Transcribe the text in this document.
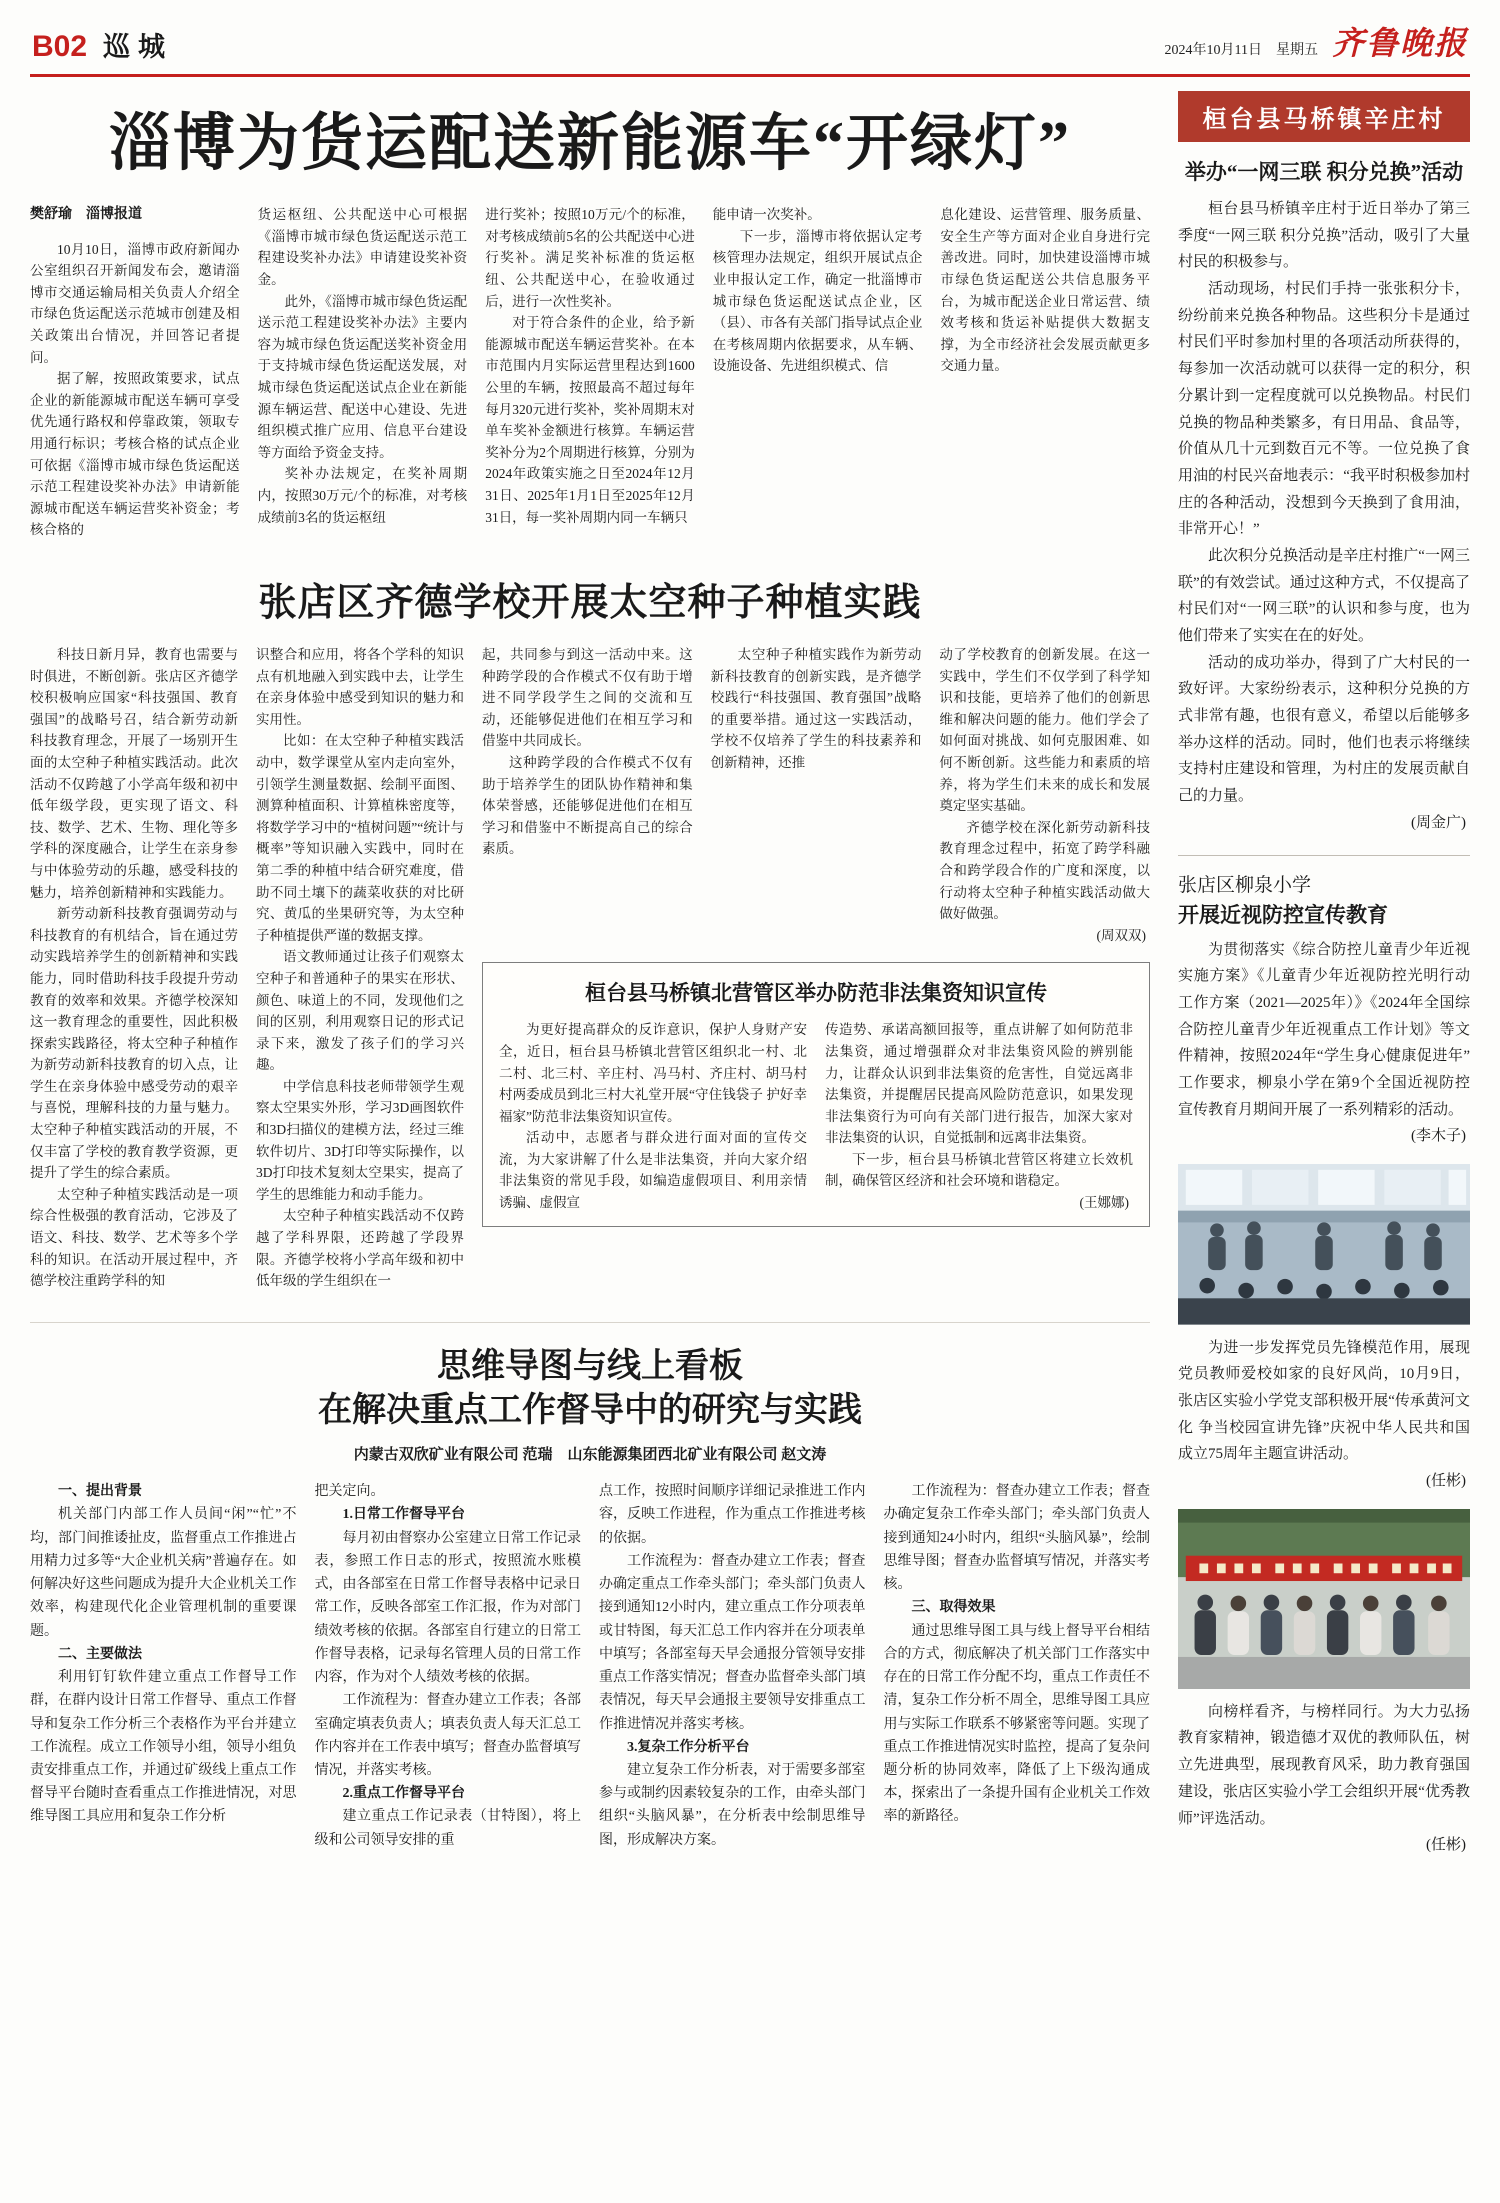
B02 巡城	2024年10月11日 星期五 齐鲁晚报
淄博为货运配送新能源车“开绿灯”

樊舒瑜　淄博报道

10月10日，淄博市政府新闻办公室组织召开新闻发布会，邀请淄博市交通运输局相关负责人介绍全市绿色货运配送示范城市创建及相关政策出台情况，并回答记者提问。

据了解，按照政策要求，试点企业的新能源城市配送车辆可享受优先通行路权和停靠政策，领取专用通行标识；考核合格的试点企业可依据《淄博市城市绿色货运配送示范工程建设奖补办法》申请新能源城市配送车辆运营奖补资金；考核合格的

货运枢纽、公共配送中心可根据《淄博市城市绿色货运配送示范工程建设奖补办法》申请建设奖补资金。

此外，《淄博市城市绿色货运配送示范工程建设奖补办法》主要内容为城市绿色货运配送奖补资金用于支持城市绿色货运配送发展，对城市绿色货运配送试点企业在新能源车辆运营、配送中心建设、先进组织模式推广应用、信息平台建设等方面给予资金支持。

奖补办法规定，在奖补周期内，按照30万元/个的标准，对考核成绩前3名的货运枢纽

进行奖补；按照10万元/个的标准，对考核成绩前5名的公共配送中心进行奖补。满足奖补标准的货运枢纽、公共配送中心，在验收通过后，进行一次性奖补。

对于符合条件的企业，给予新能源城市配送车辆运营奖补。在本市范围内月实际运营里程达到1600公里的车辆，按照最高不超过每年每月320元进行奖补，奖补周期末对单车奖补金额进行核算。车辆运营奖补分为2个周期进行核算，分别为2024年政策实施之日至2024年12月31日、2025年1月1日至2025年12月31日，每一奖补周期内同一车辆只

能申请一次奖补。

下一步，淄博市将依据认定考核管理办法规定，组织开展试点企业申报认定工作，确定一批淄博市城市绿色货运配送试点企业，区（县）、市各有关部门指导试点企业在考核周期内依据要求，从车辆、设施设备、先进组织模式、信

息化建设、运营管理、服务质量、安全生产等方面对企业自身进行完善改进。同时，加快建设淄博市城市绿色货运配送公共信息服务平台，为城市配送企业日常运营、绩效考核和货运补贴提供大数据支撑，为全市经济社会发展贡献更多交通力量。

张店区齐德学校开展太空种子种植实践

科技日新月异，教育也需要与时俱进，不断创新。张店区齐德学校积极响应国家“科技强国、教育强国”的战略号召，结合新劳动新科技教育理念，开展了一场别开生面的太空种子种植实践活动。此次活动不仅跨越了小学高年级和初中低年级学段，更实现了语文、科技、数学、艺术、生物、理化等多学科的深度融合，让学生在亲身参与中体验劳动的乐趣，感受科技的魅力，培养创新精神和实践能力。

新劳动新科技教育强调劳动与科技教育的有机结合，旨在通过劳动实践培养学生的创新精神和实践能力，同时借助科技手段提升劳动教育的效率和效果。齐德学校深知这一教育理念的重要性，因此积极探索实践路径，将太空种子种植作为新劳动新科技教育的切入点，让学生在亲身体验中感受劳动的艰辛与喜悦，理解科技的力量与魅力。太空种子种植实践活动的开展，不仅丰富了学校的教育教学资源，更提升了学生的综合素质。

太空种子种植实践活动是一项综合性极强的教育活动，它涉及了语文、科技、数学、艺术等多个学科的知识。在活动开展过程中，齐德学校注重跨学科的知

识整合和应用，将各个学科的知识点有机地融入到实践中去，让学生在亲身体验中感受到知识的魅力和实用性。

比如：在太空种子种植实践活动中，数学课堂从室内走向室外，引领学生测量数据、绘制平面图、测算种植面积、计算植株密度等，将数学学习中的“植树问题”“统计与概率”等知识融入实践中，同时在第二季的种植中结合研究难度，借助不同土壤下的蔬菜收获的对比研究、黄瓜的坐果研究等，为太空种子种植提供严谨的数据支撑。

语文教师通过让孩子们观察太空种子和普通种子的果实在形状、颜色、味道上的不同，发现他们之间的区别，利用观察日记的形式记录下来，激发了孩子们的学习兴趣。

中学信息科技老师带领学生观察太空果实外形，学习3D画图软件和3D扫描仪的建模方法，经过三维软件切片、3D打印等实际操作，以3D打印技术复刻太空果实，提高了学生的思维能力和动手能力。

太空种子种植实践活动不仅跨越了学科界限，还跨越了学段界限。齐德学校将小学高年级和初中低年级的学生组织在一

起，共同参与到这一活动中来。这种跨学段的合作模式不仅有助于增进不同学段学生之间的交流和互动，还能够促进他们在相互学习和借鉴中共同成长。

这种跨学段的合作模式不仅有助于培养学生的团队协作精神和集体荣誉感，还能够促进他们在相互学习和借鉴中不断提高自己的综合素质。

太空种子种植实践作为新劳动新科技教育的创新实践，是齐德学校践行“科技强国、教育强国”战略的重要举措。通过这一实践活动，学校不仅培养了学生的科技素养和创新精神，还推

动了学校教育的创新发展。在这一实践中，学生们不仅学到了科学知识和技能，更培养了他们的创新思维和解决问题的能力。他们学会了如何面对挑战、如何克服困难、如何不断创新。这些能力和素质的培养，将为学生们未来的成长和发展奠定坚实基础。

齐德学校在深化新劳动新科技教育理念过程中，拓宽了跨学科融合和跨学段合作的广度和深度，以行动将太空种子种植实践活动做大做好做强。

(周双双)

桓台县马桥镇北营管区举办防范非法集资知识宣传

为更好提高群众的反诈意识，保护人身财产安全，近日，桓台县马桥镇北营管区组织北一村、北二村、北三村、辛庄村、冯马村、齐庄村、胡马村村两委成员到北三村大礼堂开展“守住钱袋子 护好幸福家”防范非法集资知识宣传。

活动中，志愿者与群众进行面对面的宣传交流，为大家讲解了什么是非法集资，并向大家介绍非法集资的常见手段，如编造虚假项目、利用亲情诱骗、虚假宣

传造势、承诺高额回报等，重点讲解了如何防范非法集资，通过增强群众对非法集资风险的辨别能力，让群众认识到非法集资的危害性，自觉远离非法集资，并提醒居民提高风险防范意识，如果发现非法集资行为可向有关部门进行报告，加深大家对非法集资的认识，自觉抵制和远离非法集资。

下一步，桓台县马桥镇北营管区将建立长效机制，确保管区经济和社会环境和谐稳定。

(王娜娜)

思维导图与线上看板
在解决重点工作督导中的研究与实践

内蒙古双欣矿业有限公司 范瑞　山东能源集团西北矿业有限公司 赵文涛

一、提出背景

机关部门内部工作人员间“闲”“忙”不均，部门间推诿扯皮，监督重点工作推进占用精力过多等“大企业机关病”普遍存在。如何解决好这些问题成为提升大企业机关工作效率，构建现代化企业管理机制的重要课题。

二、主要做法

利用钉钉软件建立重点工作督导工作群，在群内设计日常工作督导、重点工作督导和复杂工作分析三个表格作为平台并建立工作流程。成立工作领导小组，领导小组负责安排重点工作，并通过矿级线上重点工作督导平台随时查看重点工作推进情况，对思维导图工具应用和复杂工作分析

把关定向。

1.日常工作督导平台

每月初由督察办公室建立日常工作记录表，参照工作日志的形式，按照流水账模式，由各部室在日常工作督导表格中记录日常工作，反映各部室工作汇报，作为对部门绩效考核的依据。各部室自行建立的日常工作督导表格，记录每名管理人员的日常工作内容，作为对个人绩效考核的依据。

工作流程为：督查办建立工作表；各部室确定填表负责人；填表负责人每天汇总工作内容并在工作表中填写；督查办监督填写情况，并落实考核。

2.重点工作督导平台

建立重点工作记录表（甘特图），将上级和公司领导安排的重

点工作，按照时间顺序详细记录推进工作内容，反映工作进程，作为重点工作推进考核的依据。

工作流程为：督查办建立工作表；督查办确定重点工作牵头部门；牵头部门负责人接到通知12小时内，建立重点工作分项表单或甘特图，每天汇总工作内容并在分项表单中填写；各部室每天早会通报分管领导安排重点工作落实情况；督查办监督牵头部门填表情况，每天早会通报主要领导安排重点工作推进情况并落实考核。

3.复杂工作分析平台

建立复杂工作分析表，对于需要多部室参与或制约因素较复杂的工作，由牵头部门组织“头脑风暴”，在分析表中绘制思维导图，形成解决方案。

工作流程为：督查办建立工作表；督查办确定复杂工作牵头部门；牵头部门负责人接到通知24小时内，组织“头脑风暴”，绘制思维导图；督查办监督填写情况，并落实考核。

三、取得效果

通过思维导图工具与线上督导平台相结合的方式，彻底解决了机关部门工作落实中存在的日常工作分配不均，重点工作责任不清，复杂工作分析不周全，思维导图工具应用与实际工作联系不够紧密等问题。实现了重点工作推进情况实时监控，提高了复杂问题分析的协同效率，降低了上下级沟通成本，探索出了一条提升国有企业机关工作效率的新路径。

桓台县马桥镇辛庄村
举办“一网三联 积分兑换”活动

桓台县马桥镇辛庄村于近日举办了第三季度“一网三联 积分兑换”活动，吸引了大量村民的积极参与。

活动现场，村民们手持一张张积分卡，纷纷前来兑换各种物品。这些积分卡是通过村民们平时参加村里的各项活动所获得的，每参加一次活动就可以获得一定的积分，积分累计到一定程度就可以兑换物品。村民们兑换的物品种类繁多，有日用品、食品等，价值从几十元到数百元不等。一位兑换了食用油的村民兴奋地表示：“我平时积极参加村庄的各种活动，没想到今天换到了食用油，非常开心！”

此次积分兑换活动是辛庄村推广“一网三联”的有效尝试。通过这种方式，不仅提高了村民们对“一网三联”的认识和参与度，也为他们带来了实实在在的好处。

活动的成功举办，得到了广大村民的一致好评。大家纷纷表示，这种积分兑换的方式非常有趣，也很有意义，希望以后能够多举办这样的活动。同时，他们也表示将继续支持村庄建设和管理，为村庄的发展贡献自己的力量。

(周金广)

张店区柳泉小学

开展近视防控宣传教育

为贯彻落实《综合防控儿童青少年近视实施方案》《儿童青少年近视防控光明行动工作方案（2021—2025年）》《2024年全国综合防控儿童青少年近视重点工作计划》等文件精神，按照2024年“学生身心健康促进年”工作要求，柳泉小学在第9个全国近视防控宣传教育月期间开展了一系列精彩的活动。

(李木子)

为进一步发挥党员先锋模范作用，展现党员教师爱校如家的良好风尚，10月9日，张店区实验小学党支部积极开展“传承黄河文化 争当校园宣讲先锋”庆祝中华人民共和国成立75周年主题宣讲活动。

(任彬)

向榜样看齐，与榜样同行。为大力弘扬教育家精神，锻造德才双优的教师队伍，树立先进典型，展现教育风采，助力教育强国建设，张店区实验小学工会组织开展“优秀教师”评选活动。

(任彬)
